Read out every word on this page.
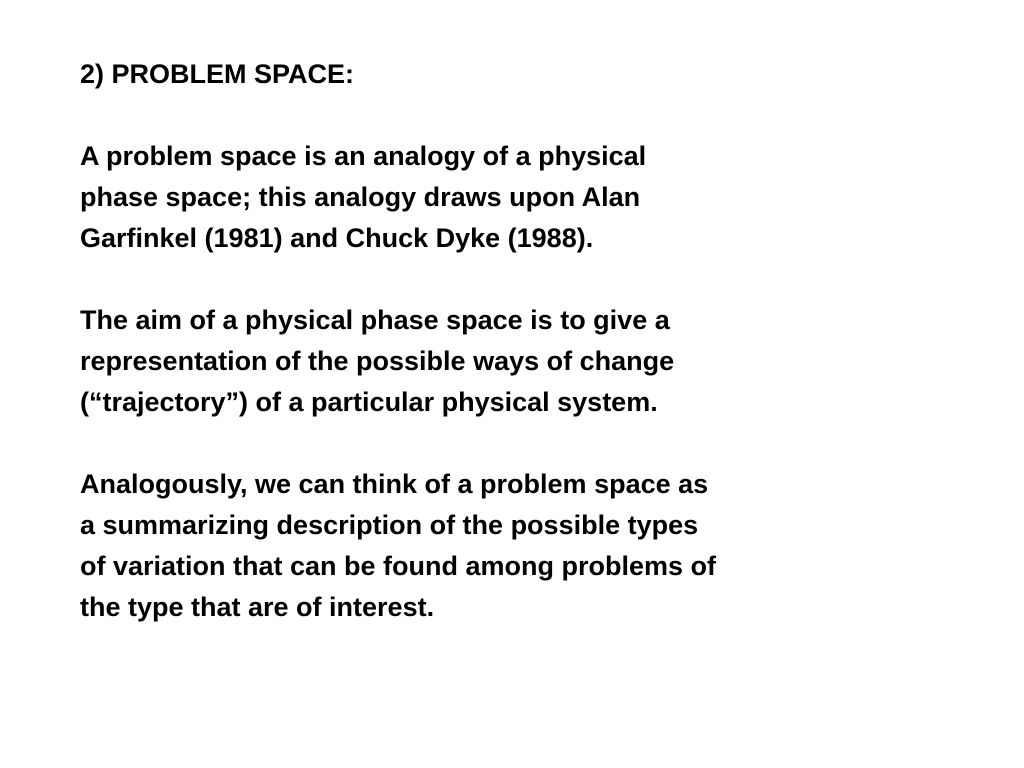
2) PROBLEM SPACE:
A problem space is an analogy of a physical
phase space; this analogy draws upon Alan
Garfinkel (1981) and Chuck Dyke (1988).
The aim of a physical phase space is to give a
representation of the possible ways of change
(“trajectory”) of a particular physical system.
Analogously, we can think of a problem space as
a summarizing description of the possible types
of variation that can be found among problems of
the type that are of interest.
